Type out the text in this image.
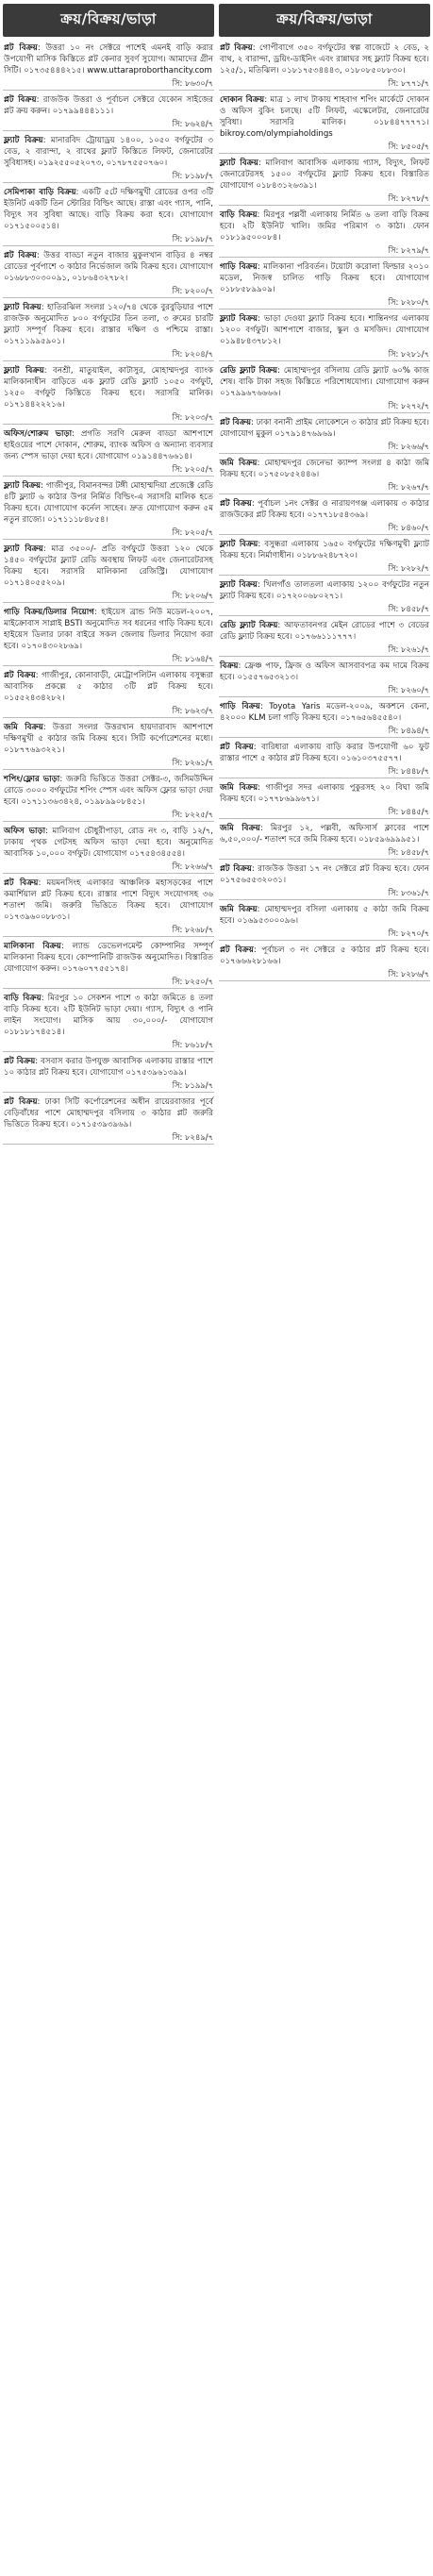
ক্রয়/বিক্রয়/ভাড়া
প্লট বিক্রয়: উত্তরা ১০ নং সেক্টরে পাশেই এমনই বাড়ি করার উপযোগী মাসিক কিস্তিতে প্লট কেনার সুবর্ণ সুযোগ। আমাদের গ্রীন সিটি। ০১৭৩৫৪৪৪২১৫। www.uttaraproborthancity.com
সি: ৮৬৩০/৭
প্লট বিক্রয়: রাজউক উত্তরা ও পূর্বাচল সেক্টরে যেকোন সাইজের প্লট ক্রয় করুন। ০১৭৯৯৪৪৪১১১।
সি: ৮৬২৪/৭
ফ্ল্যাট বিক্রয়: মানারবিদ ট্রোয়াড্রয় ১৪০০, ১০৫০ বর্গফুটের ৩ বেড, ২ বারান্দা, ২ বাথের ফ্ল্যাট কিস্তিতে লিফট, জেনারেটর সুবিধাসহ। ০১৯২৫৫০৫২০৭৩, ০১৭৮৭৫৫০৭৬০।
সি: ৮১৯৮/৭
সেমিপাকা বাড়ি বিক্রয়: একটি ৫টে দক্ষিণমুখী রোডের ওপর ৩টি ইউনিট একটি তিন স্টোরির বিল্ডিং আছে। রাস্তা এবং গ্যাস, পানি, বিদ্যুৎ সব সুবিধা আছে। বাড়ি বিক্রয় করা হবে। যোগাযোগ ০১৭১৫০০৫১৪।
সি: ৮১৯৮/৭
প্লট বিক্রয়: উত্তর বাড্ডা নতুন বাজার মুকুলখান বাড়ির ৪ নম্বর রোডের পূর্বপাশে ৩ কাঠার নির্ভেজাল জমি বিক্রয় হবে। যোগাযোগ ০১৬৮৮৩০৩০০৯১, ০১৮৬৪৩২৭৮২।
সি: ৮২০০/৭
ফ্ল্যাট বিক্রয়: হাতিরঝিল সংলগ্ন ১২০/৭৪ থেকে বুরবুড়িয়ার পাশে রাজউক অনুমোদিত ৮০০ বর্গফুটের তিন তলা, ৩ রুমের চারটি ফ্ল্যাট সম্পূর্ণ বিক্রয় হবে। রাস্তার দক্ষিণ ও পশ্চিমে রাস্তা। ০১৭১১৯৯৫৯০১।
সি: ৮২০৪/৭
ফ্ল্যাট বিক্রয়: বনশ্রী, মাতুয়াইল, কাটাসুর, মোহাম্মদপুর ব্যাংক মালিকানাধীন বাড়িতে এক ফ্ল্যাট রেডি ফ্ল্যাট ১০৫০ বর্গফুট, ১২৫০ বর্গফুট কিস্তিতে বিক্রয় হবে। সরাসরি মালিক। ০১৭১৪৪২২২১৬।
সি: ৮২০৩/৭
অফিস/শোরুম ভাড়া: প্রগতি সরণি মেরুল বাড্ডা আশপাশে হাইওয়ের পাশে দোকান, শোরুম, ব্যাংক অফিস ও অন্যান্য ব্যবসার জন্য স্পেস ভাড়া দেয়া হবে। যোগাযোগ ০১৯১৪৪৭৬৬১৪।
সি: ৮২০৫/৭
ফ্ল্যাট বিক্রয়: গাজীপুর, বিমানবন্দর টঙ্গী মোহাম্মদিয়া প্রজেক্টে রেডি ৪টি ফ্ল্যাট ৬ কাঠার উপর নির্মিত বিল্ডিং-এ সরাসরি মালিক হতে বিক্রয় হবে। যোগাযোগ কর্নেল সাহেব। দ্রুত যোগাযোগ করুন ৫ম নতুন রাজ্যে। ০১৭১১১৮৪৮৫৪।
সি: ৮২০৫/৭
ফ্ল্যাট বিক্রয়: মাত্র ৩৫০০/- প্রতি বর্গফুটে উত্তরা ১২০ থেকে ১৪৫০ বর্গফুটের ফ্ল্যাট রেডি অবস্থায় লিফট এবং জেনারেটরসহ বিক্রয় হবে। সরাসরি মালিকানা রেজিস্ট্রি। যোগাযোগ ০১৭১৪০৫৫২০৯।
সি: ৮২০৬/৭
গাড়ি বিক্রয়/ডিলার নিয়োগ: হাইয়েস ব্রান্ড নিউ মডেল-২০০৭, মাইক্রোবাস সাপ্লাই BSTI অনুমোদিত সব ধরনের গাড়ি বিক্রয় হবে। হাইয়েস ডিলার ঢাকা বাইরে সকল জেলায় ডিলার নিয়োগ করা হবে। ০১৭০৪৩০২৮৬৯।
সি: ৮১৬৪/৭
প্লট বিক্রয়: গাজীপুর, কোনাবাড়ী, মেট্রোপলিটন এলাকায় বসুন্ধরা আবাসিক প্রকল্পে ৫ কাঠার ৩টি প্লট বিক্রয় হবে। ০১৫৫২৪৩৪২৮২।
সি: ৮৬২৩/৭
জমি বিক্রয়: উত্তরা সংলগ্ন উত্তরখান হায়দারাবাদ আশপাশে দক্ষিণমুখী ৫ কাঠার জমি বিক্রয় হবে। সিটি কর্পোরেশনের মধ্যে। ০১৮৭৭৬৯৩২২১।
সি: ৮২৬১/৭
শপিং/ফ্লোর ভাড়া: জরুরি ভিত্তিতে উত্তরা সেক্টর-৩, জসিমউদ্দিন রোডে ৩০০০ বর্গফুটের শপিং স্পেস এবং অফিস ফ্লোর ভাড়া দেয়া হবে। ০১৭১১৩৬৩৪২৪, ০১৯৮৯৯০৮৪৫১।
সি: ৮২২৫/৭
অফিস ভাড়া: মালিবাগ চৌধুরীপাড়া, রোড নং ৩, বাড়ি ১২/৭, ঢাকায় পৃথক গেটসহ অফিস ভাড়া দেয়া হবে। অনুমোদিত আবাসিক ১০,০০০ বর্গফুট। যোগাযোগ ০১৭৫৪৩৪৫৫৪।
সি: ৮২৬৬/৭
প্লট বিক্রয়: ময়মনসিংহ এলাকার আঞ্চলিক মহাসড়কের পাশে কমার্শিয়াল প্লট বিক্রয় হবে। রাস্তার পাশে বিদ্যুৎ সংযোগসহ ৩৬ শতাংশ জমি। জরুরি ভিত্তিতে বিক্রয় হবে। যোগাযোগ ০১৭৩৯৬০০৮৮৩১।
সি: ৮২৬৮/৭
মালিকানা বিক্রয়: ল্যান্ড ডেভেলপমেন্ট কোম্পানির সম্পূর্ণ মালিকানা বিক্রয় হবে। কোম্পানিটি রাজউক অনুমোদিত। বিস্তারিত যোগাযোগ করুন। ০১৭৬০৭৭৫৫১৭৪।
সি: ৮২৫০/৭
বাড়ি বিক্রয়: মিরপুর ১০ সেকশন পাশে ৩ কাঠা জমিতে ৪ তলা বাড়ি বিক্রয় হবে। ২টি ইউনিট ভাড়া দেয়া। গ্যাস, বিদ্যুৎ ও পানি লাইন সংযোগ। মাসিক আয় ৩০,০০০/- যোগাযোগ ০১৮১৮১৭৪৫১৪।
সি: ৮৬১৮/৭
প্লট বিক্রয়: বসবাস করার উপযুক্ত আবাসিক এলাকায় রাস্তার পাশে ১০ কাঠার প্লট বিক্রয় হবে। যোগাযোগ ০১৭৫৩৯৬১৩৯৯।
সি: ৮১৯৯/৭
প্লট বিক্রয়: ঢাকা সিটি কর্পোরেশনের অধীন রায়েরবাজার পূর্বে বেড়িবাঁধের পাশে মোহাম্মদপুর বসিলায় ৩ কাঠার প্লট জরুরি ভিত্তিতে বিক্রয় হবে। ০১৭১৫৩৯৩৯৬৯।
সি: ৮২৪৯/৭
ক্রয়/বিক্রয়/ভাড়া
প্লট বিক্রয়: গোপীবাগে ৩৫০ বর্গফুটের স্বল্প বাজেটে ২ বেড, ২ বাথ, ২ বারান্দা, ড্রয়িং-ডাইনিং এবং রান্নাঘর সহ ফ্ল্যাট বিক্রয় হবে। ১২৫/১, মতিঝিল। ০১৮১৭৫৩৪৪৪৩, ০১৮০৮৫০৮৮৩০।
সি: ৮৭৭১/৭
দোকান বিক্রয়: মাত্র ১ লাখ টাকায় শাহবাগ শপিং মার্কেটে দোকান ও অফিস বুকিং চলছে। ৫টি লিফট, এস্কেলেটর, জেনারেটর সুবিধা। সরাসরি মালিক। ০১৮৪৪৭৭৭৭১। bikroy.com/olympiaholdings
সি: ৮৫০৫/৭
ফ্ল্যাট বিক্রয়: মালিবাগ আবাসিক এলাকায় গ্যাস, বিদ্যুৎ, লিফট জেনারেটরসহ ১৫০০ বর্গফুটের ফ্ল্যাট বিক্রয় হবে। বিস্তারিত যোগাযোগ ০১৮৪৩১২৬৩৯১।
সি: ৮২৭৮/৭
বাড়ি বিক্রয়: মিরপুর পল্লবী এলাকায় নির্মিত ৬ তলা বাড়ি বিক্রয় হবে। ২টি ইউনিট খালি। জমির পরিমাণ ৩ কাঠা। ফোন ০১৮১৯৫০০০৮৪।
সি: ৮২৭৯/৭
গাড়ি বিক্রয়: মালিকানা পরিবর্তন। টয়োটা করোলা ফিল্ডার ২০১০ মডেল, নিজস্ব চালিত গাড়ি বিক্রয় হবে। যোগাযোগ ০১৮৮৫৮৯৯০৯।
সি: ৮২৮০/৭
ফ্ল্যাট বিক্রয়: ভাড়া দেওয়া ফ্ল্যাট বিক্রয় হবে। শান্তিনগর এলাকায় ১২০০ বর্গফুট। আশপাশে বাজার, স্কুল ও মসজিদ। যোগাযোগ ০১৯৪৮৪৩৭৮১২।
সি: ৮২৮১/৭
রেডি ফ্ল্যাট বিক্রয়: মোহাম্মদপুর বসিলায় রেডি ফ্ল্যাট ৬০% কাজ শেষ। বাকি টাকা সহজ কিস্তিতে পরিশোধযোগ্য। যোগাযোগ করুন ০১৭৯৯৬৭৬৬৬৬।
সি: ৮২৭২/৭
প্লট বিক্রয়: ঢাকা বনানী প্রাইম লোকেশনে ৩ কাঠার প্লট বিক্রয় হবে। যোগাযোগ মুকুল ০১৭৯১৪৭৬৯৬৯।
সি: ৮২৬৬/৭
জমি বিক্রয়: মোহাম্মদপুর জেনেভা ক্যাম্প সংলগ্ন ৪ কাঠা জমি বিক্রয় হবে। ০১৭৫০৮৫২৪৪৬।
সি: ৮২৬৭/৭
প্লট বিক্রয়: পূর্বাচল ১নং সেক্টর ও নারায়ণগঞ্জ এলাকায় ৩ কাঠার রাজউকের প্লট বিক্রয় হবে। ০১৭৭১৮৫৪৩৬৯।
সি: ৮৪৬০/৭
ফ্ল্যাট বিক্রয়: বসুন্ধরা এলাকায় ১৬৫০ বর্গফুটের দক্ষিণমুখী ফ্ল্যাট বিক্রয় হবে। নির্মাণাধীন। ০১৮৮৬২৪৮৭২০।
সি: ৮২৮২/৭
ফ্ল্যাট বিক্রয়: খিলগাঁও তালতলা এলাকায় ১২০০ বর্গফুটের নতুন ফ্ল্যাট বিক্রয় হবে। ০১৭২০০৬৮০২৭১।
সি: ৮৪৫৮/৭
রেডি ফ্ল্যাট বিক্রয়: আফতাবনগর মেইন রোডের পাশে ৩ বেডের রেডি ফ্ল্যাট বিক্রয় হবে। ০১৭৬৬১১১৭৭৭।
সি: ৮২৬১/৭
বিক্রয়: ফ্রেঞ্চ পাফ, ফ্রিজ ও অফিস আসবাবপত্র কম দামে বিক্রয় হবে। ০১৫৫৭৬৫৩২১৩।
সি: ৮২৬০/৭
গাড়ি বিক্রয়: Toyota Yaris মডেল-২০০৯, অকশনে কেনা, ৪২০০০ KLM চলা গাড়ি বিক্রয় হবে। ০১৭৬৫৬৪৫৫৪০।
সি: ৮৪৯৪/৭
প্লট বিক্রয়: বারিধারা এলাকায় বাড়ি করার উপযোগী ৬০ ফুট রাস্তার পাশে ৫ কাঠার প্লট বিক্রয় হবে। ০১৬১০৩৭৫৫৭৭।
সি: ৮৪৪৮/৭
জমি বিক্রয়: গাজীপুর সদর এলাকায় পুকুরসহ ২০ বিঘা জমি বিক্রয় হবে। ০১৭৭৮৬৯৯৬৭১।
সি: ৮৪৪৫/৭
জমি বিক্রয়: মিরপুর ১২, পল্লবী, অফিসার্স ক্লাবের পাশে ৬,৫০,০০০/- শতাংশ দরে জমি বিক্রয় হবে। ০১৮৫৯৬৯৯৯৫১।
সি: ৮৪৫৮/৭
প্লট বিক্রয়: রাজউক উত্তরা ১৭ নং সেক্টরে প্লট বিক্রয় হবে। ফোন ০১৭৫৬৫৫৩২০৩১।
সি: ৮৩৬১/৭
জমি বিক্রয়: মোহাম্মদপুর বসিলা এলাকায় ৫ কাঠা জমি বিক্রয় হবে। ০১৬৯৫৩০০০৯৬।
সি: ৮২৭০/৭
প্লট বিক্রয়: পূর্বাচল ৩ নং সেক্টরে ৫ কাঠার প্লট বিক্রয় হবে। ০১৭৬৬৬২৮১৬৬।
সি: ৮২৮৬/৭
